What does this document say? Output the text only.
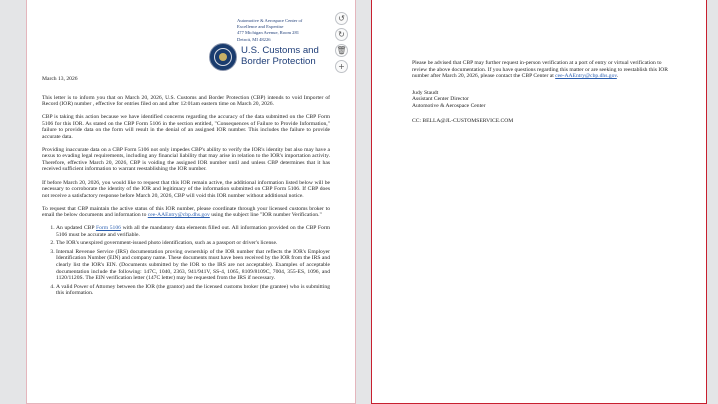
Automotive & Aerospace Center of
Excellence and Expertise
477 Michigan Avenue, Room 281
Detroit, MI 48226
U.S. Customs and
Border Protection

March 13, 2026

This letter is to inform you that on March 20, 2026, U.S. Customs and Border Protection (CBP) intends to void Importer of Record (IOR) number , effective for entries filed on and after 12:01am eastern time on March 20, 2026.

CBP is taking this action because we have identified concerns regarding the accuracy of the data submitted on the CBP Form 5106 for this IOR. As stated on the CBP Form 5106 in the section entitled, "Consequences of Failure to Provide Information," failure to provide data on the form will result in the denial of an assigned IOR number. This includes the failure to provide accurate data.

Providing inaccurate data on a CBP Form 5106 not only impedes CBP's ability to verify the IOR's identity but also may have a nexus to evading legal requirements, including any financial liability that may arise in relation to the IOR's importation activity. Therefore, effective March 20, 2026, CBP is voiding the assigned IOR number until and unless CBP determines that it has received sufficient information to warrant reestablishing the IOR number.

If before March 20, 2026, you would like to request that this IOR remain active, the additional information listed below will be necessary to corroborate the identity of the IOR and legitimacy of the information submitted on CBP Form 5106. If CBP does not receive a satisfactory response before March 20, 2026, CBP will void this IOR number without additional notice.

To request that CBP maintain the active status of this IOR number, please coordinate through your licensed customs broker to email the below documents and information to cee-AAEntry@cbp.dhs.gov using the subject line "IOR number Verification."

1. An updated CBP Form 5106 with all the mandatory data elements filled out. All information provided on the CBP Form 5106 must be accurate and verifiable.
2. The IOR's unexpired government-issued photo identification, such as a passport or driver's license.
3. Internal Revenue Service (IRS) documentation proving ownership of the IOR number that reflects the IOR's Employer Identification Number (EIN) and company name. These documents must have been received by the IOR from the IRS and clearly list the IOR's EIN. (Documents submitted by the IOR to the IRS are not acceptable). Examples of acceptable documentation include the following: 147C, 1040, 2363, 941/941V, SS-4, 1065, 8109/8109C, 7004, 355-ES, 1096, and 1120/1120S. The EIN verification letter (147C letter) may be requested from the IRS if necessary.
4. A valid Power of Attorney between the IOR (the grantor) and the licensed customs broker (the grantee) who is submitting this information.
↺
↻
🗑
+	Please be advised that CBP may further request in-person verification at a port of entry or virtual verification to review the above documentation. If you have questions regarding this matter or are seeking to reestablish this IOR number after March 20, 2026, please contact the CBP Center at cee-AAEntry@cbp.dhs.gov.

Judy Staudt
Assistant Center Director
Automotive & Aerospace Center

CC: BELLA@JL-CUSTOMSERVICE.COM
